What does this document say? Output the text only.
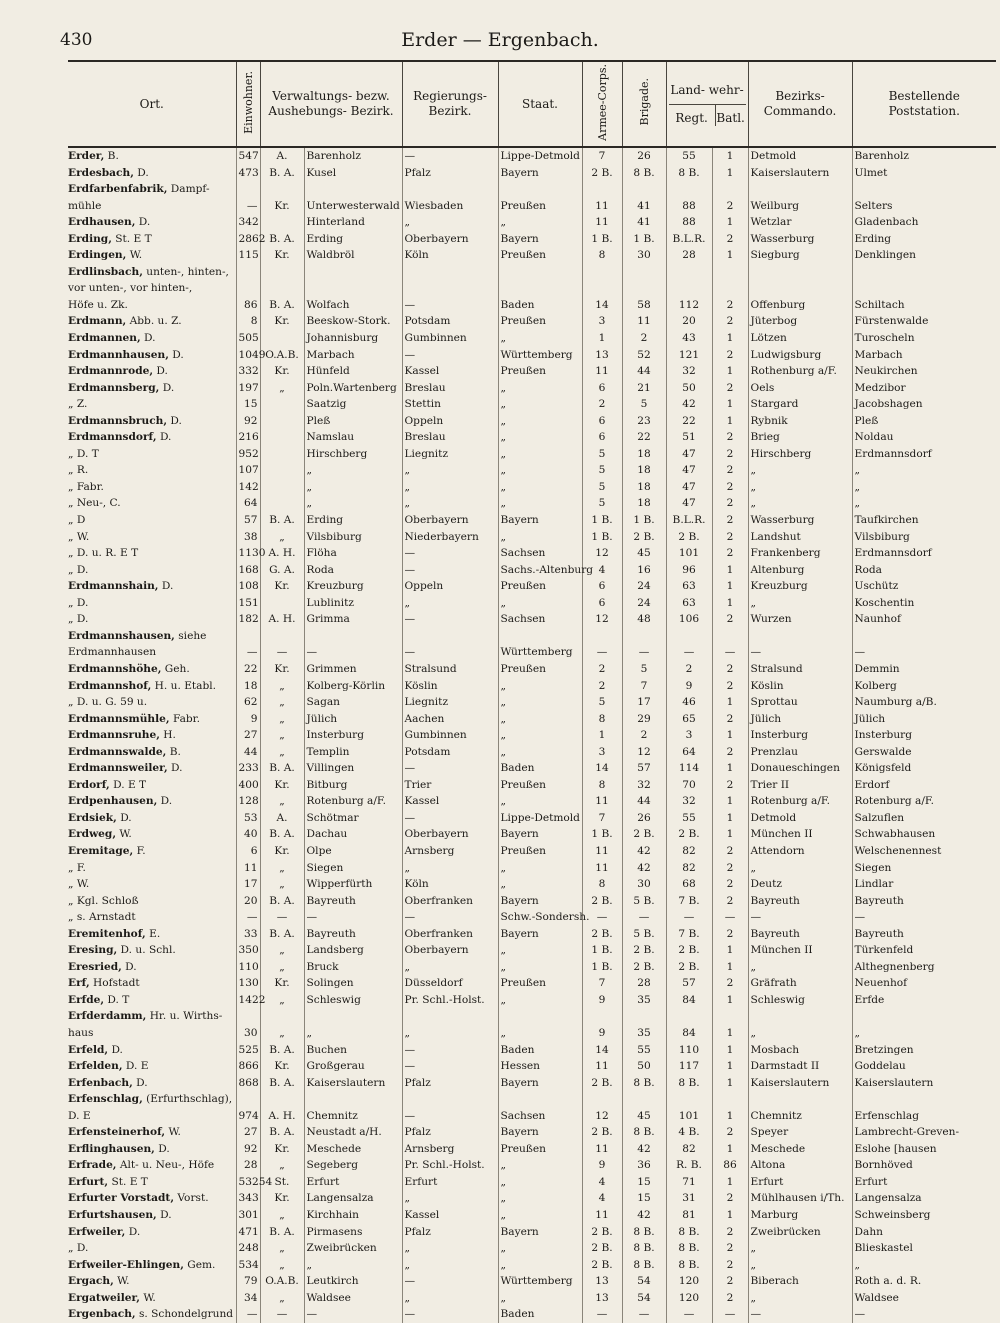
430	Erder — Ergenbach.
Ort.	Einwohner.	Verwaltungs- bezw. Aushebungs- Bezirk.		Regierungs- Bezirk.	Staat.	Armee-Corps.	Brigade.	Land- wehr-
Regt. Batl.		Bezirks- Commando.	Bestellende Poststation.
Erder, B.	547	A.	Barenholz	—	Lippe-Detmold	7	26	55	1	Detmold	Barenholz
Erdesbach, D.	473	B. A.	Kusel	Pfalz	Bayern	2 B.	8 B.	8 B.	1	Kaiserslautern	Ulmet
Erdfarbenfabrik, Dampf-											
mühle	—	Kr.	Unterwesterwald	Wiesbaden	Preußen	11	41	88	2	Weilburg	Selters
Erdhausen, D.	342		Hinterland	„	„	11	41	88	1	Wetzlar	Gladenbach
Erding, St. E T	2862	B. A.	Erding	Oberbayern	Bayern	1 B.	1 B.	B.L.R.	2	Wasserburg	Erding
Erdingen, W.	115	Kr.	Waldbröl	Köln	Preußen	8	30	28	1	Siegburg	Denklingen
Erdlinsbach, unten-, hinten-,											
vor unten-, vor hinten-,											
Höfe u. Zk.	86	B. A.	Wolfach	—	Baden	14	58	112	2	Offenburg	Schiltach
Erdmann, Abb. u. Z.	8	Kr.	Beeskow-Stork.	Potsdam	Preußen	3	11	20	2	Jüterbog	Fürstenwalde
Erdmannen, D.	505		Johannisburg	Gumbinnen	„	1	2	43	1	Lötzen	Turoscheln
Erdmannhausen, D.	1049	O.A.B.	Marbach	—	Württemberg	13	52	121	2	Ludwigsburg	Marbach
Erdmannrode, D.	332	Kr.	Hünfeld	Kassel	Preußen	11	44	32	1	Rothenburg a/F.	Neukirchen
Erdmannsberg, D.	197	„	Poln.Wartenberg	Breslau	„	6	21	50	2	Oels	Medzibor
„ Z.	15		Saatzig	Stettin	„	2	5	42	1	Stargard	Jacobshagen
Erdmannsbruch, D.	92		Pleß	Oppeln	„	6	23	22	1	Rybnik	Pleß
Erdmannsdorf, D.	216		Namslau	Breslau	„	6	22	51	2	Brieg	Noldau
„ D. T	952		Hirschberg	Liegnitz	„	5	18	47	2	Hirschberg	Erdmannsdorf
„ R.	107		„	„	„	5	18	47	2	„	„
„ Fabr.	142		„	„	„	5	18	47	2	„	„
„ Neu-, C.	64		„	„	„	5	18	47	2	„	„
„ D	57	B. A.	Erding	Oberbayern	Bayern	1 B.	1 B.	B.L.R.	2	Wasserburg	Taufkirchen
„ W.	38	„	Vilsbiburg	Niederbayern	„	1 B.	2 B.	2 B.	2	Landshut	Vilsbiburg
„ D. u. R. E T	1130	A. H.	Flöha	—	Sachsen	12	45	101	2	Frankenberg	Erdmannsdorf
„ D.	168	G. A.	Roda	—	Sachs.-Altenburg	4	16	96	1	Altenburg	Roda
Erdmannshain, D.	108	Kr.	Kreuzburg	Oppeln	Preußen	6	24	63	1	Kreuzburg	Uschütz
„ D.	151		Lublinitz	„	„	6	24	63	1	„	Koschentin
„ D.	182	A. H.	Grimma	—	Sachsen	12	48	106	2	Wurzen	Naunhof
Erdmannshausen, siehe											
Erdmannhausen	—	—	—	—	Württemberg	—	—	—	—	—	—
Erdmannshöhe, Geh.	22	Kr.	Grimmen	Stralsund	Preußen	2	5	2	2	Stralsund	Demmin
Erdmannshof, H. u. Etabl.	18	„	Kolberg-Körlin	Köslin	„	2	7	9	2	Köslin	Kolberg
„ D. u. G. 59 u.	62	„	Sagan	Liegnitz	„	5	17	46	1	Sprottau	Naumburg a/B.
Erdmannsmühle, Fabr.	9	„	Jülich	Aachen	„	8	29	65	2	Jülich	Jülich
Erdmannsruhe, H.	27	„	Insterburg	Gumbinnen	„	1	2	3	1	Insterburg	Insterburg
Erdmannswalde, B.	44	„	Templin	Potsdam	„	3	12	64	2	Prenzlau	Gerswalde
Erdmannsweiler, D.	233	B. A.	Villingen	—	Baden	14	57	114	1	Donaueschingen	Königsfeld
Erdorf, D. E T	400	Kr.	Bitburg	Trier	Preußen	8	32	70	2	Trier II	Erdorf
Erdpenhausen, D.	128	„	Rotenburg a/F.	Kassel	„	11	44	32	1	Rotenburg a/F.	Rotenburg a/F.
Erdsiek, D.	53	A.	Schötmar	—	Lippe-Detmold	7	26	55	1	Detmold	Salzuflen
Erdweg, W.	40	B. A.	Dachau	Oberbayern	Bayern	1 B.	2 B.	2 B.	1	München II	Schwabhausen
Eremitage, F.	6	Kr.	Olpe	Arnsberg	Preußen	11	42	82	2	Attendorn	Welschenennest
„ F.	11	„	Siegen	„	„	11	42	82	2	„	Siegen
„ W.	17	„	Wipperfürth	Köln	„	8	30	68	2	Deutz	Lindlar
„ Kgl. Schloß	20	B. A.	Bayreuth	Oberfranken	Bayern	2 B.	5 B.	7 B.	2	Bayreuth	Bayreuth
„ s. Arnstadt	—	—	—	—	Schw.-Sondersh.	—	—	—	—	—	—
Eremitenhof, E.	33	B. A.	Bayreuth	Oberfranken	Bayern	2 B.	5 B.	7 B.	2	Bayreuth	Bayreuth
Eresing, D. u. Schl.	350	„	Landsberg	Oberbayern	„	1 B.	2 B.	2 B.	1	München II	Türkenfeld
Eresried, D.	110	„	Bruck	„	„	1 B.	2 B.	2 B.	1	„	Althegnenberg
Erf, Hofstadt	130	Kr.	Solingen	Düsseldorf	Preußen	7	28	57	2	Gräfrath	Neuenhof
Erfde, D. T	1422	„	Schleswig	Pr. Schl.-Holst.	„	9	35	84	1	Schleswig	Erfde
Erfderdamm, Hr. u. Wirths-											
haus	30	„	„	„	„	9	35	84	1	„	„
Erfeld, D.	525	B. A.	Buchen	—	Baden	14	55	110	1	Mosbach	Bretzingen
Erfelden, D. E	866	Kr.	Großgerau	—	Hessen	11	50	117	1	Darmstadt II	Goddelau
Erfenbach, D.	868	B. A.	Kaiserslautern	Pfalz	Bayern	2 B.	8 B.	8 B.	1	Kaiserslautern	Kaiserslautern
Erfenschlag, (Erfurthschlag),											
D. E	974	A. H.	Chemnitz	—	Sachsen	12	45	101	1	Chemnitz	Erfenschlag
Erfensteinerhof, W.	27	B. A.	Neustadt a/H.	Pfalz	Bayern	2 B.	8 B.	4 B.	2	Speyer	Lambrecht-Greven-
Erflinghausen, D.	92	Kr.	Meschede	Arnsberg	Preußen	11	42	82	1	Meschede	Eslohe [hausen
Erfrade, Alt- u. Neu-, Höfe	28	„	Segeberg	Pr. Schl.-Holst.	„	9	36	R. B.	86	Altona	Bornhöved
Erfurt, St. E T	53254	St.	Erfurt	Erfurt	„	4	15	71	1	Erfurt	Erfurt
Erfurter Vorstadt, Vorst.	343	Kr.	Langensalza	„	„	4	15	31	2	Mühlhausen i/Th.	Langensalza
Erfurtshausen, D.	301	„	Kirchhain	Kassel	„	11	42	81	1	Marburg	Schweinsberg
Erfweiler, D.	471	B. A.	Pirmasens	Pfalz	Bayern	2 B.	8 B.	8 B.	2	Zweibrücken	Dahn
„ D.	248	„	Zweibrücken	„	„	2 B.	8 B.	8 B.	2	„	Blieskastel
Erfweiler-Ehlingen, Gem.	534	„	„	„	„	2 B.	8 B.	8 B.	2	„	„
Ergach, W.	79	O.A.B.	Leutkirch	—	Württemberg	13	54	120	2	Biberach	Roth a. d. R.
Ergatweiler, W.	34	„	Waldsee	„	„	13	54	120	2	„	Waldsee
Ergenbach, s. Schondelgrund	—	—	—	—	Baden	—	—	—	—	—	—
